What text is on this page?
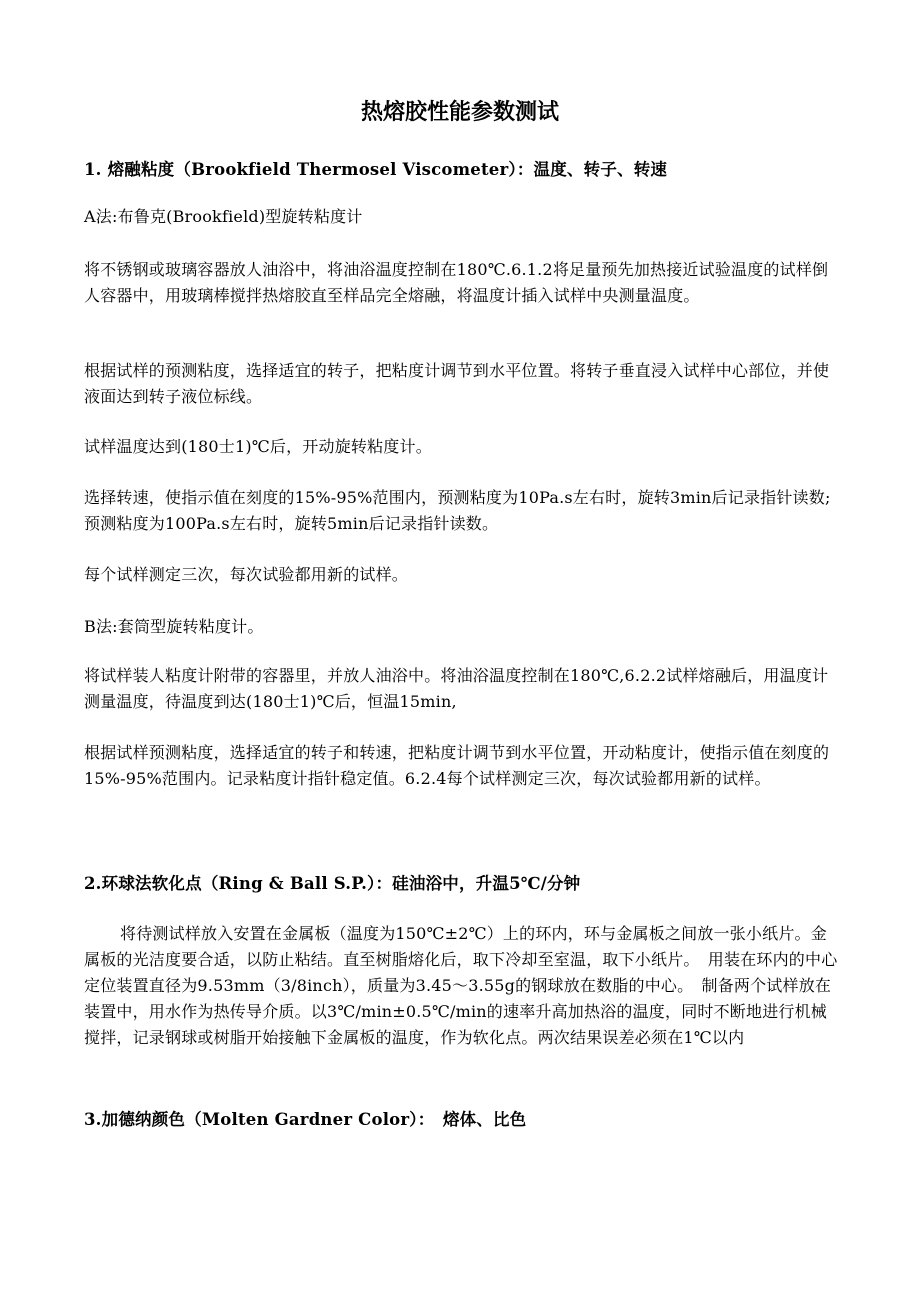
热熔胶性能参数测试

1. 熔融粘度（Brookfield Thermosel Viscometer）：温度、转子、转速

A法:布鲁克(Brookfield)型旋转粘度计

将不锈钢或玻璃容器放人油浴中，将油浴温度控制在180℃.6.1.2将足量预先加热接近试验温度的试样倒人容器中，用玻璃棒搅拌热熔胶直至样品完全熔融，将温度计插入试样中央测量温度。

根据试样的预测粘度，选择适宜的转子，把粘度计调节到水平位置。将转子垂直浸入试样中心部位，并使液面达到转子液位标线。

试样温度达到(180士1)℃后，开动旋转粘度计。

选择转速，使指示值在刻度的15%-95%范围内，预测粘度为10Pa.s左右时，旋转3min后记录指针读数;预测粘度为100Pa.s左右时，旋转5min后记录指针读数。

每个试样测定三次，每次试验都用新的试样。

B法:套筒型旋转粘度计。

将试样装人粘度计附带的容器里，并放人油浴中。将油浴温度控制在180℃,6.2.2试样熔融后，用温度计测量温度，待温度到达(180士1)℃后，恒温15min,

根据试样预测粘度，选择适宜的转子和转速，把粘度计调节到水平位置，开动粘度计，使指示值在刻度的15%-95%范围内。记录粘度计指针稳定值。6.2.4每个试样测定三次，每次试验都用新的试样。

2.环球法软化点（Ring & Ball S.P.）：硅油浴中，升温5℃/分钟

将待测试样放入安置在金属板（温度为150℃±2℃）上的环内，环与金属板之间放一张小纸片。金属板的光洁度要合适，以防止粘结。直至树脂熔化后，取下冷却至室温，取下小纸片。　用装在环内的中心定位装置直径为9.53mm（3/8inch），质量为3.45～3.55g的钢球放在数脂的中心。　制备两个试样放在装置中，用水作为热传导介质。以3℃/min±0.5℃/min的速率升高加热浴的温度，同时不断地进行机械搅拌，记录钢球或树脂开始接触下金属板的温度，作为软化点。两次结果误差必须在1℃以内

3.加德纳颜色（Molten Gardner Color）：　熔体、比色
